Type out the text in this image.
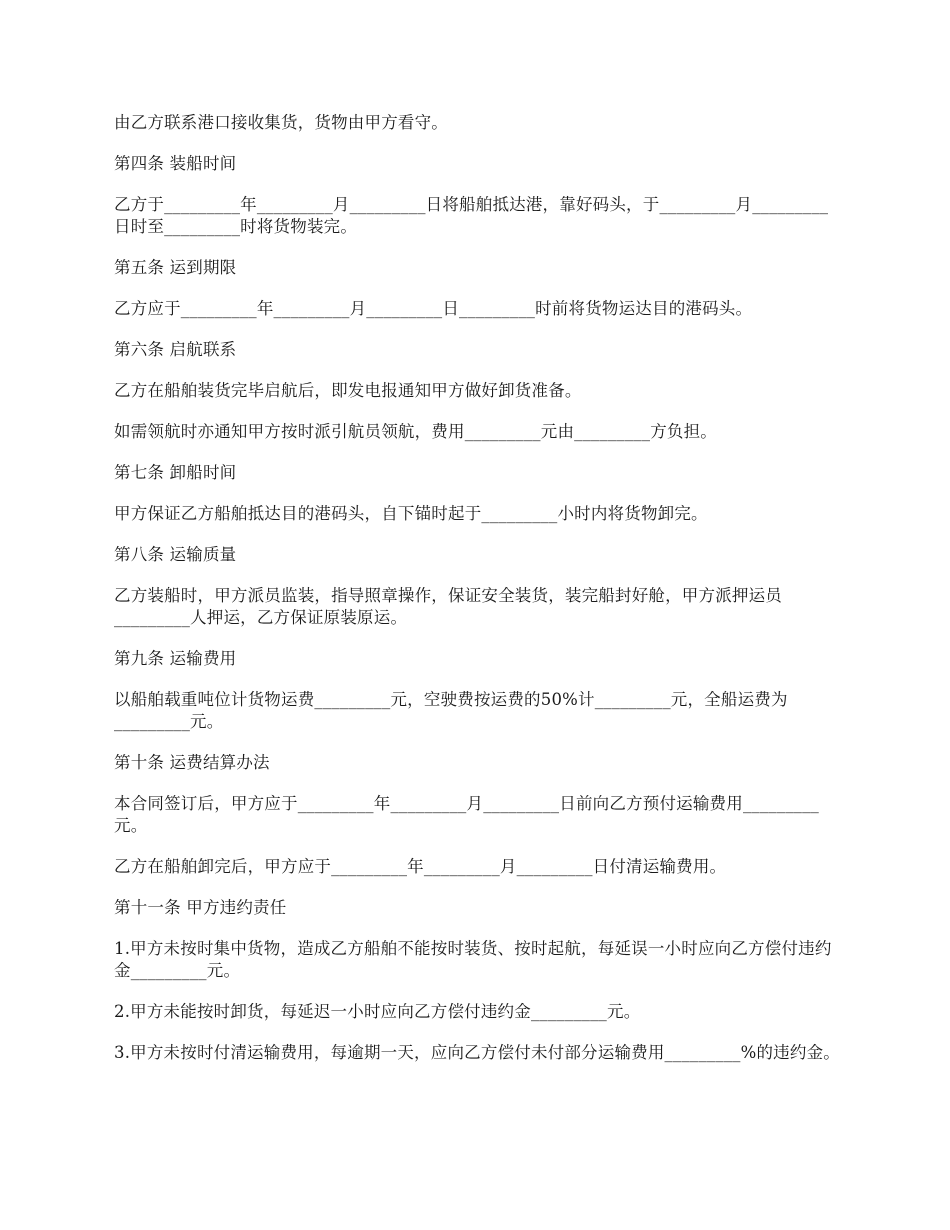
由乙方联系港口接收集货，货物由甲方看守。

第四条 装船时间

乙方于_________年_________月_________日将船舶抵达港，靠好码头，于_________月_________日时至_________时将货物装完。

第五条 运到期限

乙方应于_________年_________月_________日_________时前将货物运达目的港码头。

第六条 启航联系

乙方在船舶装货完毕启航后，即发电报通知甲方做好卸货准备。

如需领航时亦通知甲方按时派引航员领航，费用_________元由_________方负担。

第七条 卸船时间

甲方保证乙方船舶抵达目的港码头，自下锚时起于_________小时内将货物卸完。

第八条 运输质量

乙方装船时，甲方派员监装，指导照章操作，保证安全装货，装完船封好舱，甲方派押运员_________人押运，乙方保证原装原运。

第九条 运输费用

以船舶载重吨位计货物运费_________元，空驶费按运费的50%计_________元，全船运费为_________元。

第十条 运费结算办法

本合同签订后，甲方应于_________年_________月_________日前向乙方预付运输费用_________元。

乙方在船舶卸完后，甲方应于_________年_________月_________日付清运输费用。

第十一条 甲方违约责任

1.甲方未按时集中货物，造成乙方船舶不能按时装货、按时起航，每延误一小时应向乙方偿付违约金_________元。

2.甲方未能按时卸货，每延迟一小时应向乙方偿付违约金_________元。

3.甲方未按时付清运输费用，每逾期一天，应向乙方偿付未付部分运输费用_________%的违约金。
